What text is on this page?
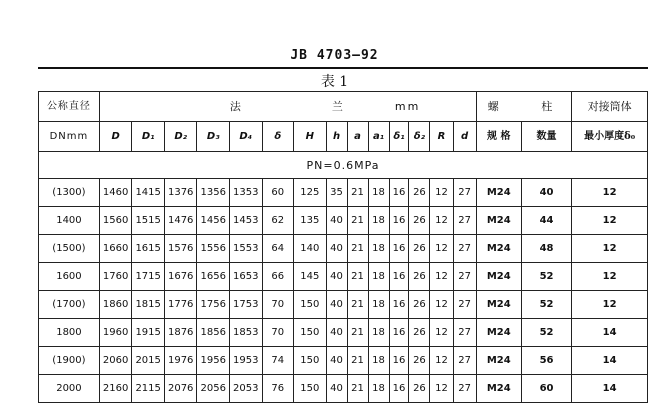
JB 4703—92
表 1
公称直径	法 兰 mm														螺 柱		对接筒体
DNmm	D	D₁	D₂	D₃	D₄	δ	H	h	a	a₁	δ₁	δ₂	R	d	规 格	数量	最小厚度δ₀
PN=0.6MPa																	
(1300)	1460	1415	1376	1356	1353	60	125	35	21	18	16	26	12	27	M24	40	12
1400	1560	1515	1476	1456	1453	62	135	40	21	18	16	26	12	27	M24	44	12
(1500)	1660	1615	1576	1556	1553	64	140	40	21	18	16	26	12	27	M24	48	12
1600	1760	1715	1676	1656	1653	66	145	40	21	18	16	26	12	27	M24	52	12
(1700)	1860	1815	1776	1756	1753	70	150	40	21	18	16	26	12	27	M24	52	12
1800	1960	1915	1876	1856	1853	70	150	40	21	18	16	26	12	27	M24	52	14
(1900)	2060	2015	1976	1956	1953	74	150	40	21	18	16	26	12	27	M24	56	14
2000	2160	2115	2076	2056	2053	76	150	40	21	18	16	26	12	27	M24	60	14
